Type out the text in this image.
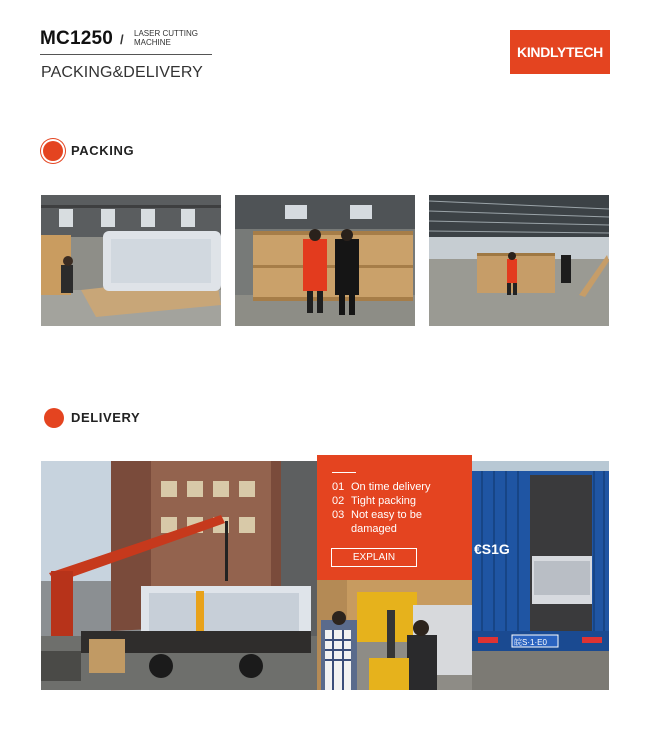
MC1250 / LASER CUTTING
MACHINE
PACKING&DELIVERY
KINDLYTECH
PACKING
DELIVERY
€S1G
皖S·1·E0
01 On time delivery
02 Tight packing
03 Not easy to be
damaged
EXPLAIN
